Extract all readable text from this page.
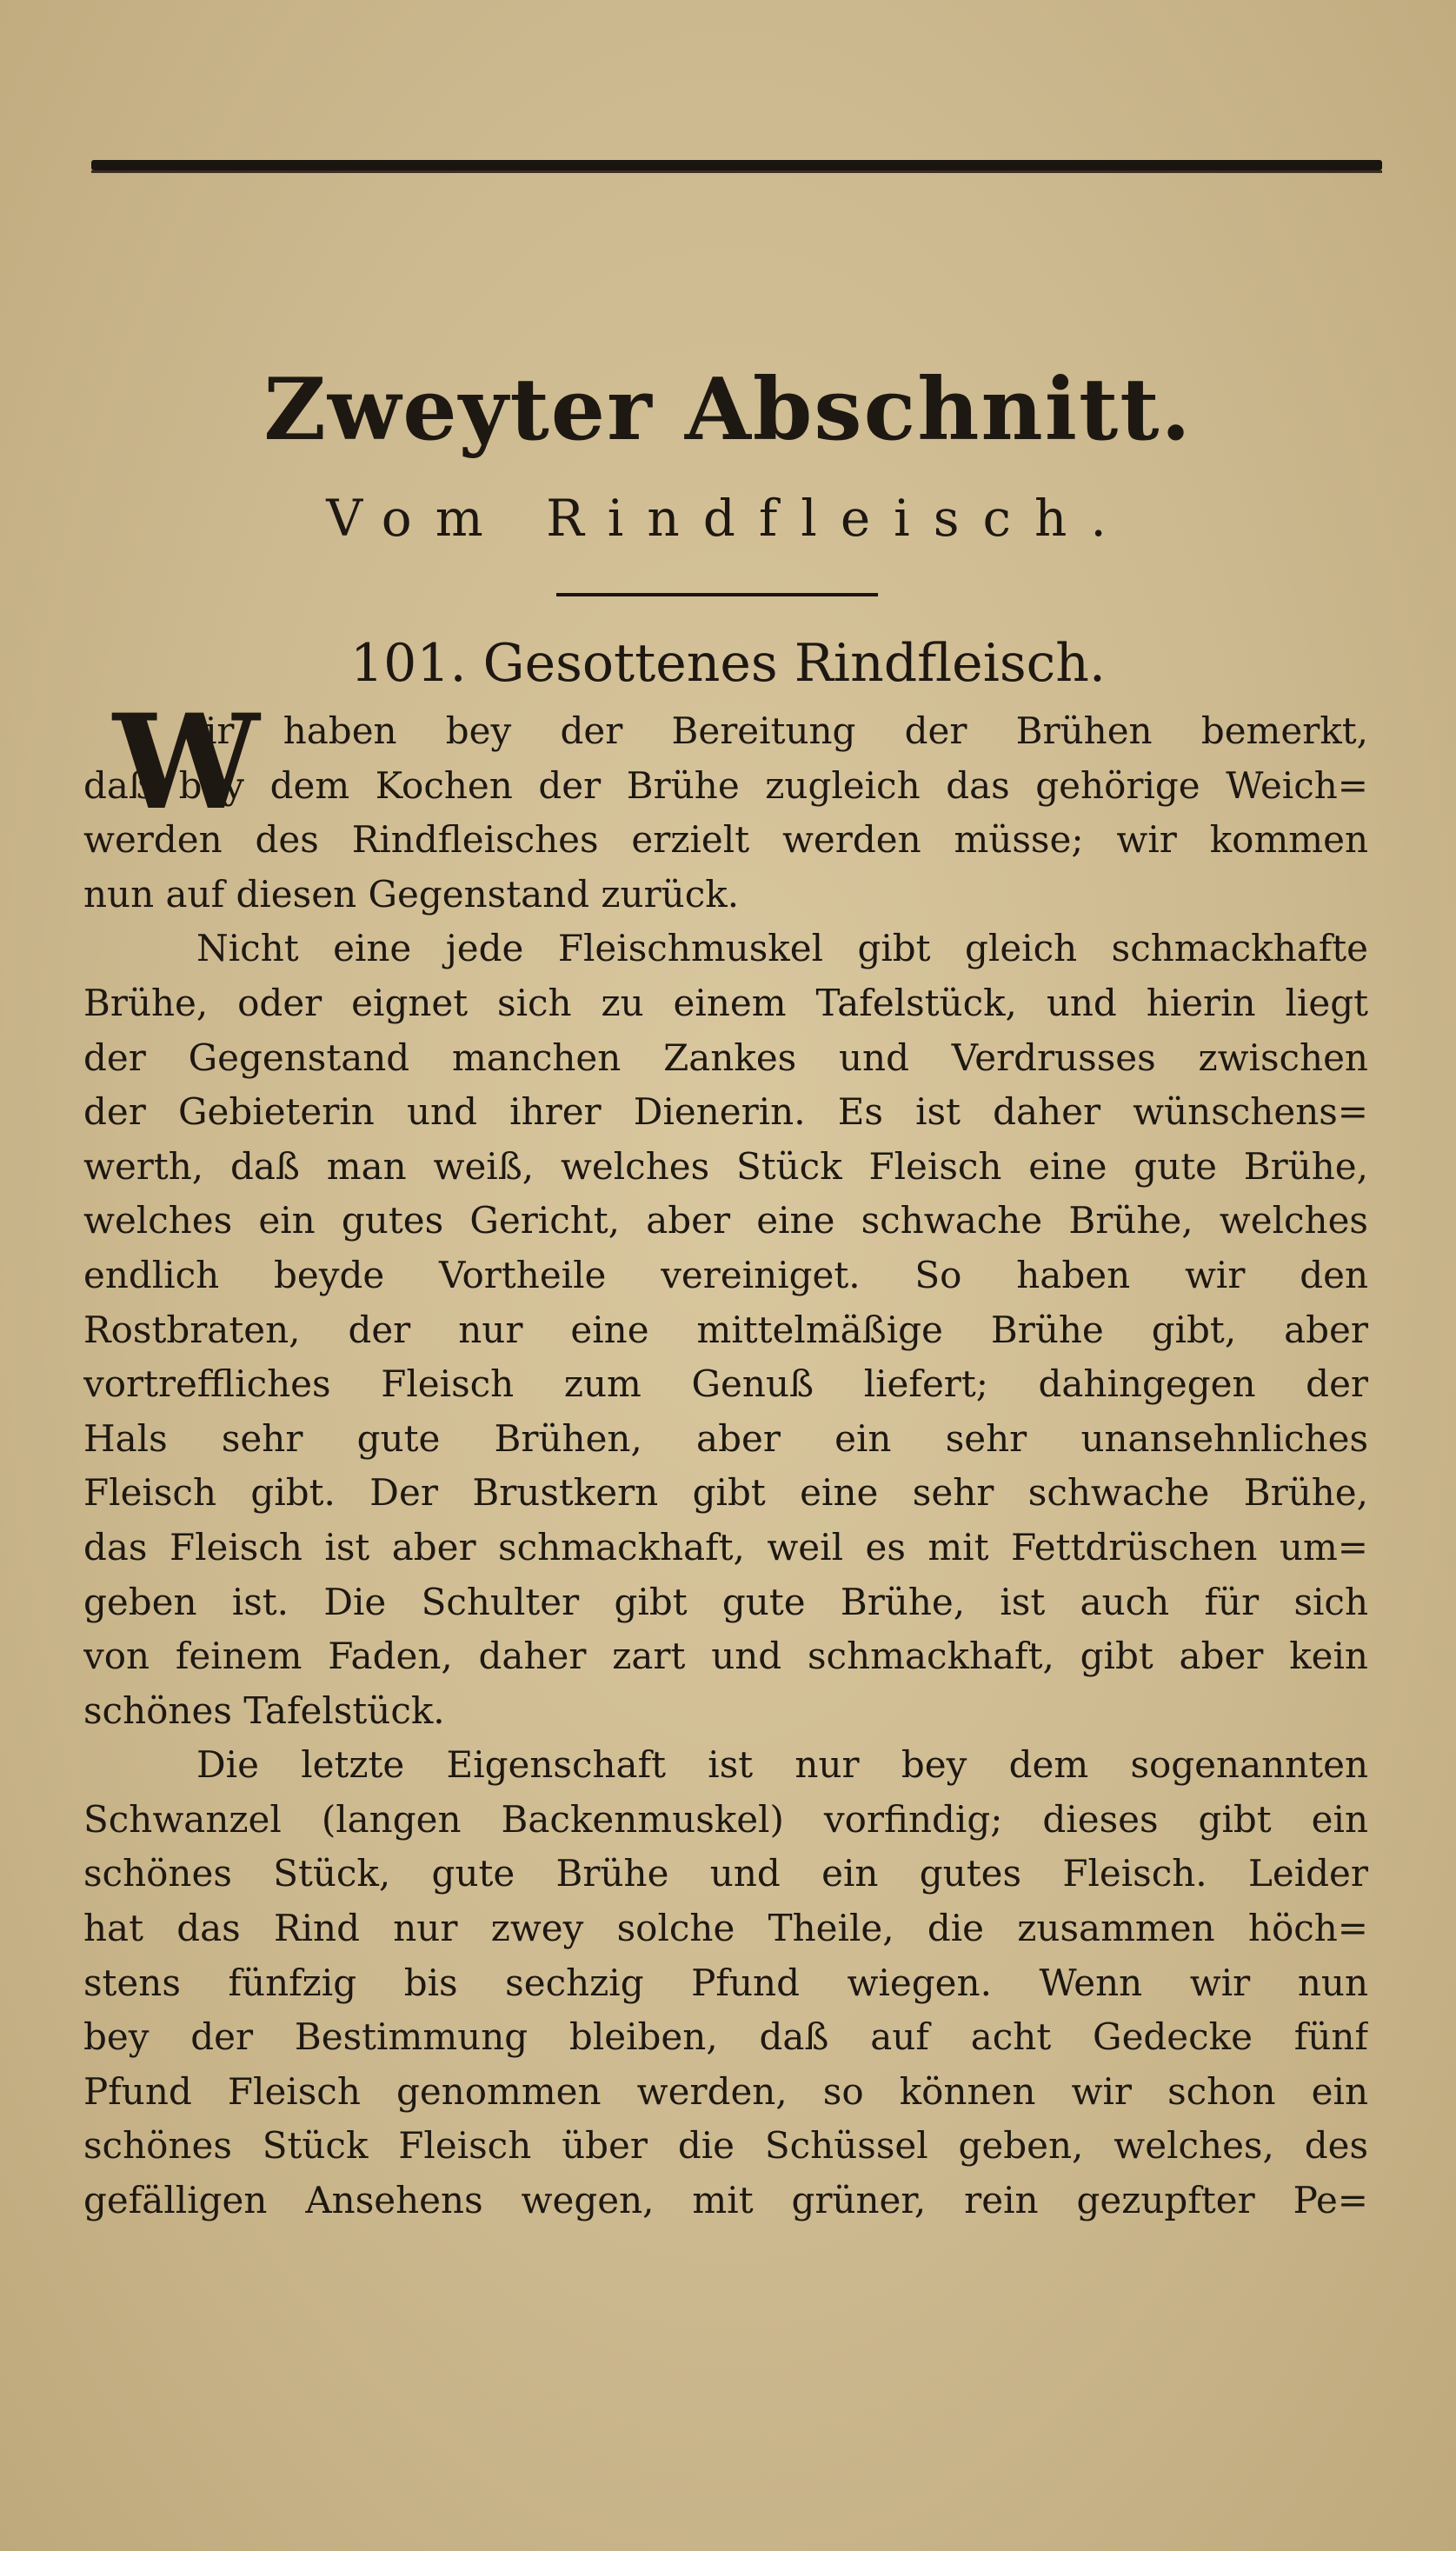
Zweyter Abschnitt.
Vom Rindfleisch.
101. Gesottenes Rindfleisch.
W
ir haben bey der Bereitung der Brühen bemerkt,
daß bey dem Kochen der Brühe zugleich das gehörige Weich=
werden des Rindfleisches erzielt werden müsse; wir kommen
nun auf diesen Gegenstand zurück.
Nicht eine jede Fleischmuskel gibt gleich schmackhafte
Brühe, oder eignet sich zu einem Tafelstück, und hierin liegt
der Gegenstand manchen Zankes und Verdrusses zwischen
der Gebieterin und ihrer Dienerin. Es ist daher wünschens=
werth, daß man weiß, welches Stück Fleisch eine gute Brühe,
welches ein gutes Gericht, aber eine schwache Brühe, welches
endlich beyde Vortheile vereiniget. So haben wir den
Rostbraten, der nur eine mittelmäßige Brühe gibt, aber
vortreffliches Fleisch zum Genuß liefert; dahingegen der
Hals sehr gute Brühen, aber ein sehr unansehnliches
Fleisch gibt. Der Brustkern gibt eine sehr schwache Brühe,
das Fleisch ist aber schmackhaft, weil es mit Fettdrüschen um=
geben ist. Die Schulter gibt gute Brühe, ist auch für sich
von feinem Faden, daher zart und schmackhaft, gibt aber kein
schönes Tafelstück.
Die letzte Eigenschaft ist nur bey dem sogenannten
Schwanzel (langen Backenmuskel) vorfindig; dieses gibt ein
schönes Stück, gute Brühe und ein gutes Fleisch. Leider
hat das Rind nur zwey solche Theile, die zusammen höch=
stens fünfzig bis sechzig Pfund wiegen. Wenn wir nun
bey der Bestimmung bleiben, daß auf acht Gedecke fünf
Pfund Fleisch genommen werden, so können wir schon ein
schönes Stück Fleisch über die Schüssel geben, welches, des
gefälligen Ansehens wegen, mit grüner, rein gezupfter Pe=
